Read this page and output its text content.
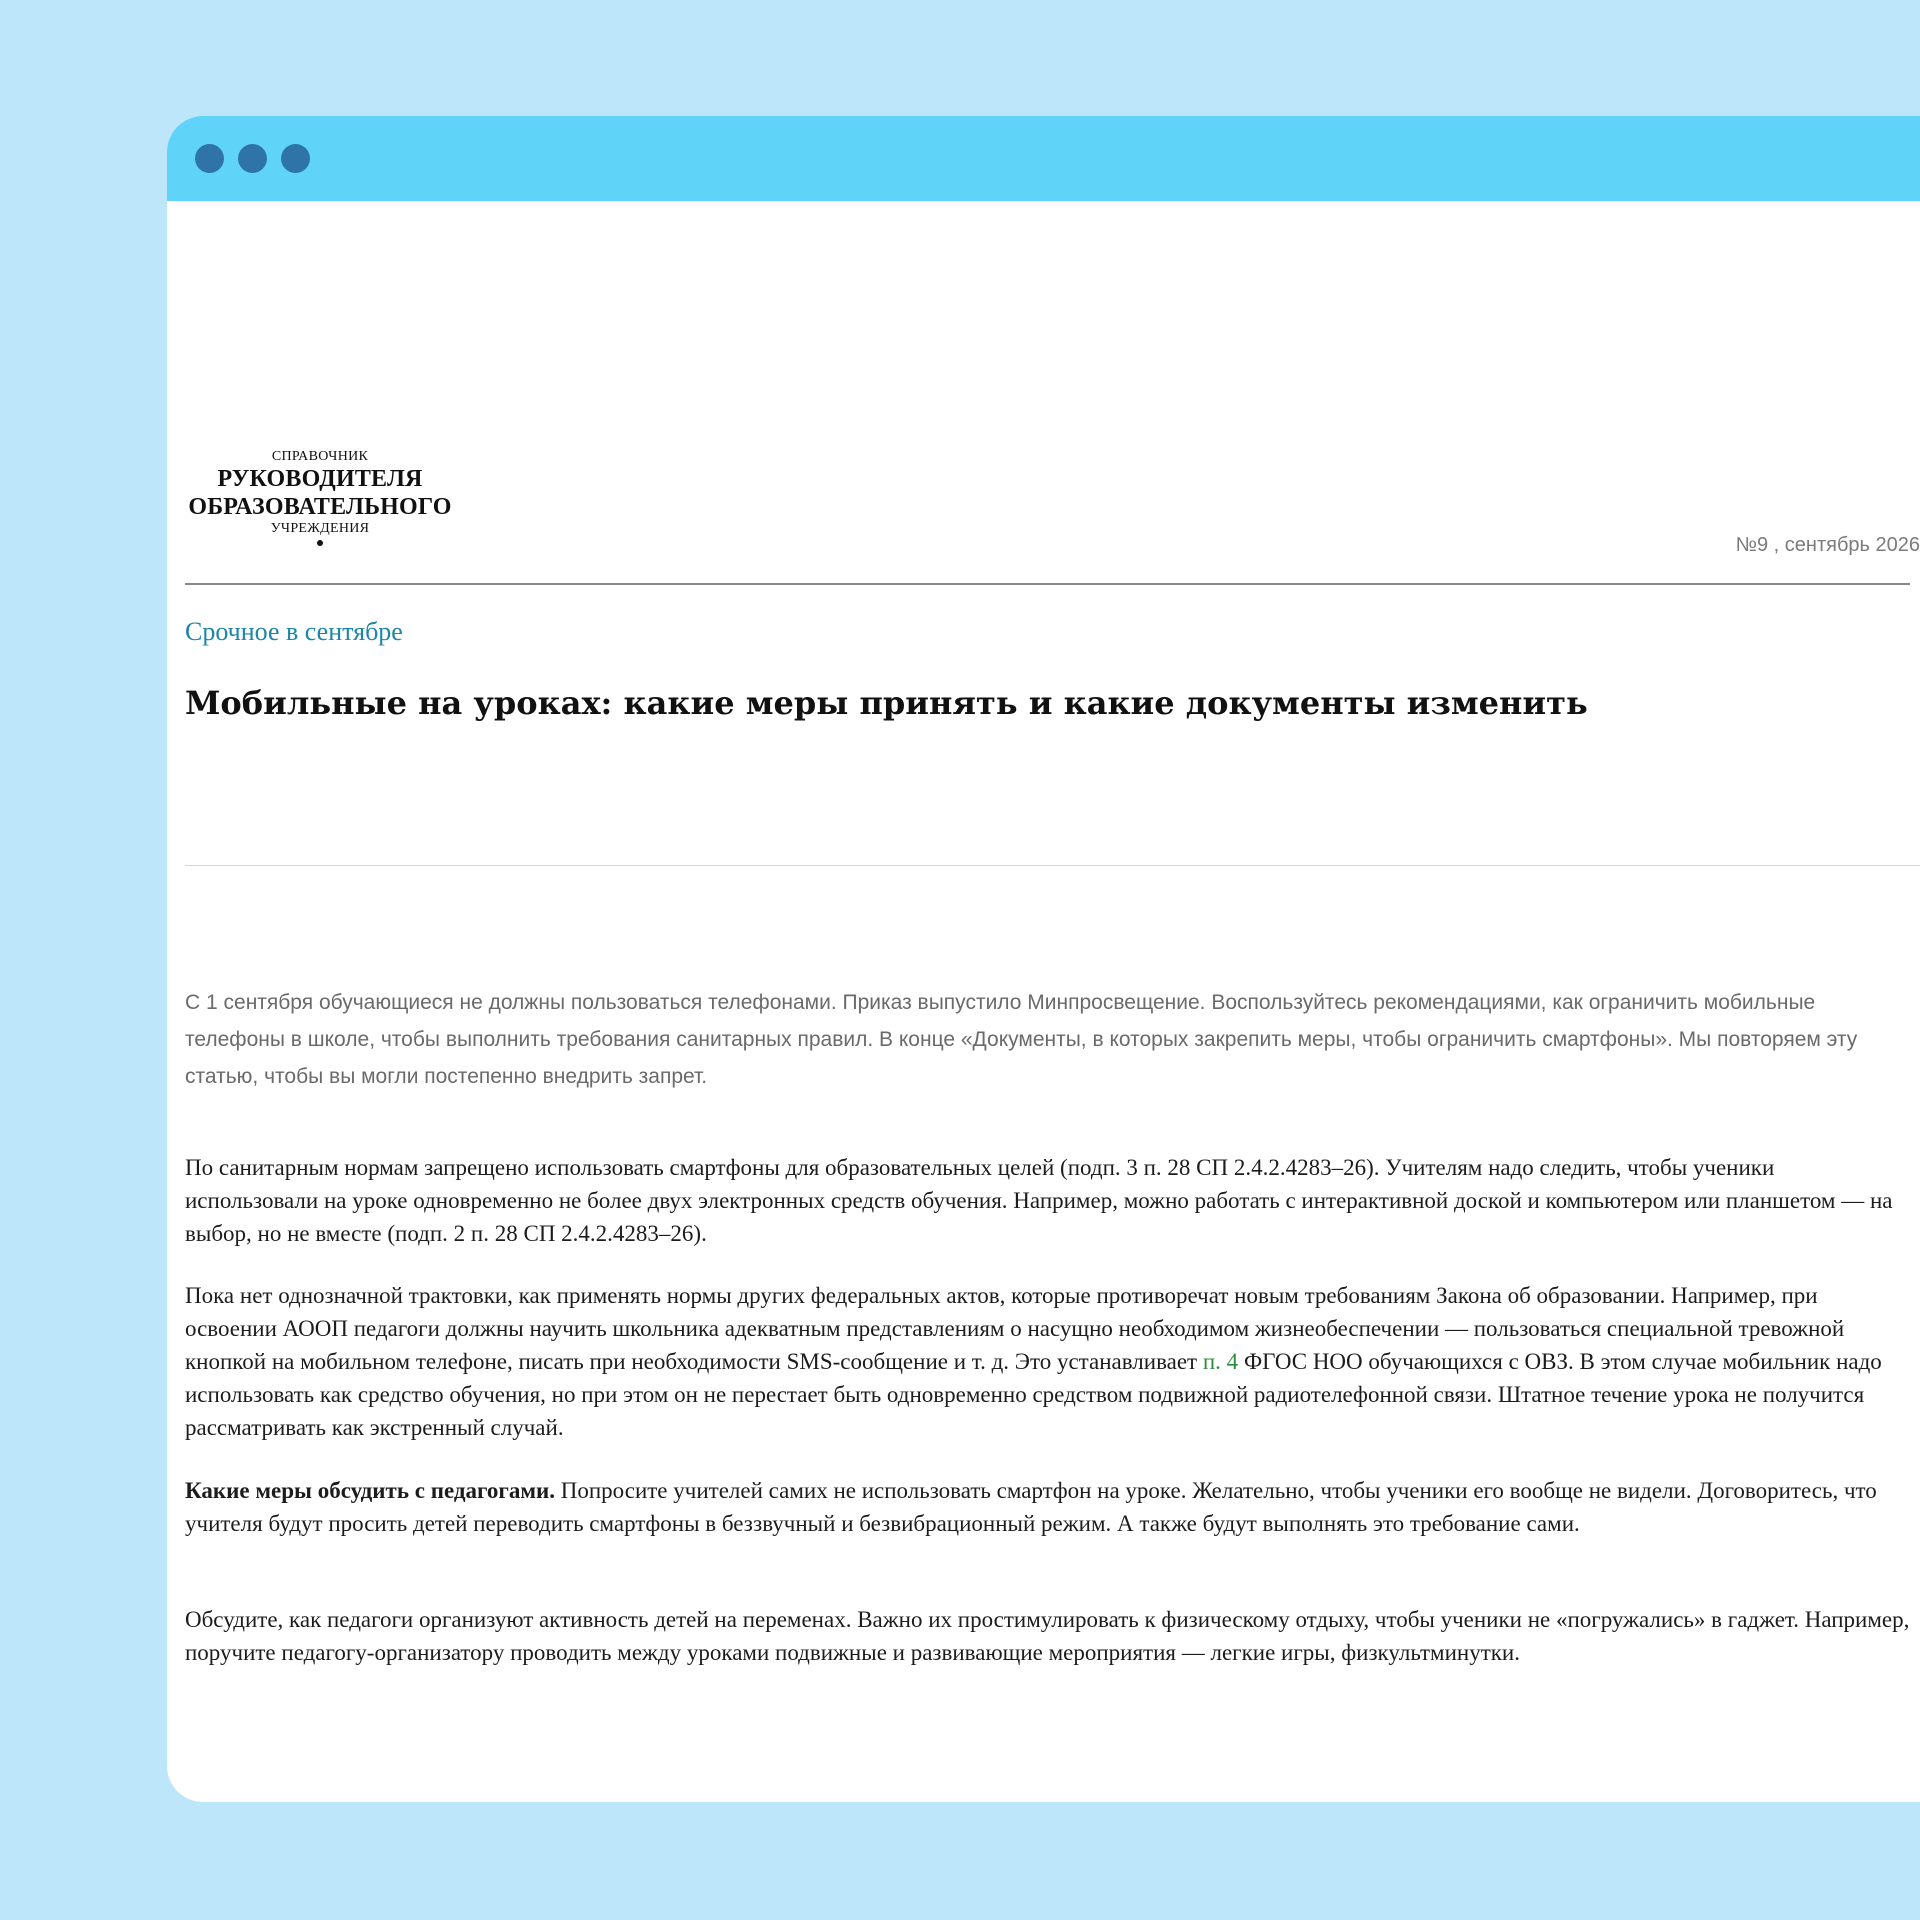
СПРАВОЧНИК
РУКОВОДИТЕЛЯ
ОБРАЗОВАТЕЛЬНОГО
УЧРЕЖДЕНИЯ
№9 , сентябрь 2026
Срочное в сентябре
Мобильные на уроках: какие меры принять и какие документы изменить

С 1 сентября обучающиеся не должны пользоваться телефонами. Приказ выпустило Минпросвещение. Воспользуйтесь рекомендациями, как ограничить мобильные телефоны в школе, чтобы выполнить требования санитарных правил. В конце «Документы, в которых закрепить меры, чтобы ограничить смартфоны». Мы повторяем эту статью, чтобы вы могли постепенно внедрить запрет.

По санитарным нормам запрещено использовать смартфоны для образовательных целей (подп. 3 п. 28 СП 2.4.2.4283–26). Учителям надо следить, чтобы ученики использовали на уроке одновременно не более двух электронных средств обучения. Например, можно работать с интерактивной доской и компьютером или планшетом — на выбор, но не вместе (подп. 2 п. 28 СП 2.4.2.4283–26).

Пока нет однозначной трактовки, как применять нормы других федеральных актов, которые противоречат новым требованиям Закона об образовании. Например, при освоении АООП педагоги должны научить школьника адекватным представлениям о насущно необходимом жизнеобеспечении — пользоваться специальной тревожной кнопкой на мобильном телефоне, писать при необходимости SMS-сообщение и т. д. Это устанавливает п. 4 ФГОС НОО обучающихся с ОВЗ. В этом случае мобильник надо использовать как средство обучения, но при этом он не перестает быть одновременно средством подвижной радиотелефонной связи. Штатное течение урока не получится рассматривать как экстренный случай.

Какие меры обсудить с педагогами. Попросите учителей самих не использовать смартфон на уроке. Желательно, чтобы ученики его вообще не видели. Договоритесь, что учителя будут просить детей переводить смартфоны в беззвучный и безвибрационный режим. А также будут выполнять это требование сами.

Обсудите, как педагоги организуют активность детей на переменах. Важно их простимулировать к физическому отдыху, чтобы ученики не «погружались» в гаджет. Например, поручите педагогу-организатору проводить между уроками подвижные и развивающие мероприятия — легкие игры, физкультминутки.
